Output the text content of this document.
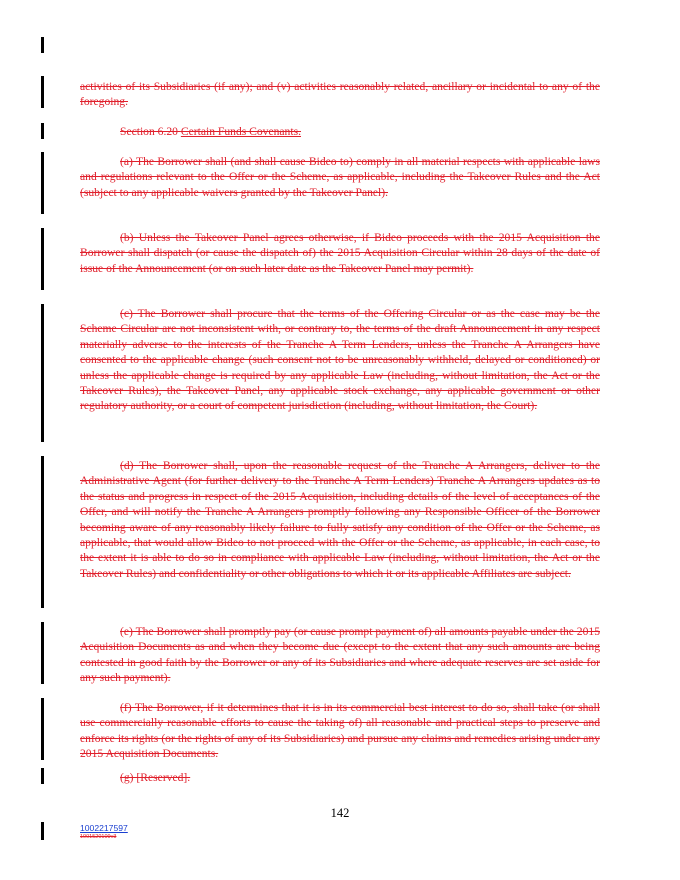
activities of its Subsidiaries (if any); and (v) activities reasonably related, ancillary or incidental to any of the foregoing.

Section 6.20 Certain Funds Covenants.

(a) The Borrower shall (and shall cause Bideo to) comply in all material respects with applicable laws and regulations relevant to the Offer or the Scheme, as applicable, including the Takeover Rules and the Act (subject to any applicable waivers granted by the Takeover Panel).

(b) Unless the Takeover Panel agrees otherwise, if Bideo proceeds with the 2015 Acquisition the Borrower shall dispatch (or cause the dispatch of) the 2015 Acquisition Circular within 28 days of the date of issue of the Announcement (or on such later date as the Takeover Panel may permit).

(c) The Borrower shall procure that the terms of the Offering Circular or as the case may be the Scheme Circular are not inconsistent with, or contrary to, the terms of the draft Announcement in any respect materially adverse to the interests of the Tranche A Term Lenders, unless the Tranche A Arrangers have consented to the applicable change (such consent not to be unreasonably withheld, delayed or conditioned) or unless the applicable change is required by any applicable Law (including, without limitation, the Act or the Takeover Rules), the Takeover Panel, any applicable stock exchange, any applicable government or other regulatory authority, or a court of competent jurisdiction (including, without limitation, the Court).

(d) The Borrower shall, upon the reasonable request of the Tranche A Arrangers, deliver to the Administrative Agent (for further delivery to the Tranche A Term Lenders) Tranche A Arrangers updates as to the status and progress in respect of the 2015 Acquisition, including details of the level of acceptances of the Offer, and will notify the Tranche A Arrangers promptly following any Responsible Officer of the Borrower becoming aware of any reasonably likely failure to fully satisfy any condition of the Offer or the Scheme, as applicable, that would allow Bideo to not proceed with the Offer or the Scheme, as applicable, in each case, to the extent it is able to do so in compliance with applicable Law (including, without limitation, the Act or the Takeover Rules) and confidentiality or other obligations to which it or its applicable Affiliates are subject.

(e) The Borrower shall promptly pay (or cause prompt payment of) all amounts payable under the 2015 Acquisition Documents as and when they become due (except to the extent that any such amounts are being contested in good faith by the Borrower or any of its Subsidiaries and where adequate reserves are set aside for any such payment).

(f) The Borrower, if it determines that it is in its commercial best interest to do so, shall take (or shall use commercially reasonable efforts to cause the taking of) all reasonable and practical steps to preserve and enforce its rights (or the rights of any of its Subsidiaries) and pursue any claims and remedies arising under any 2015 Acquisition Documents.

(g) [Reserved].

142
1002217597
1001520109v3
